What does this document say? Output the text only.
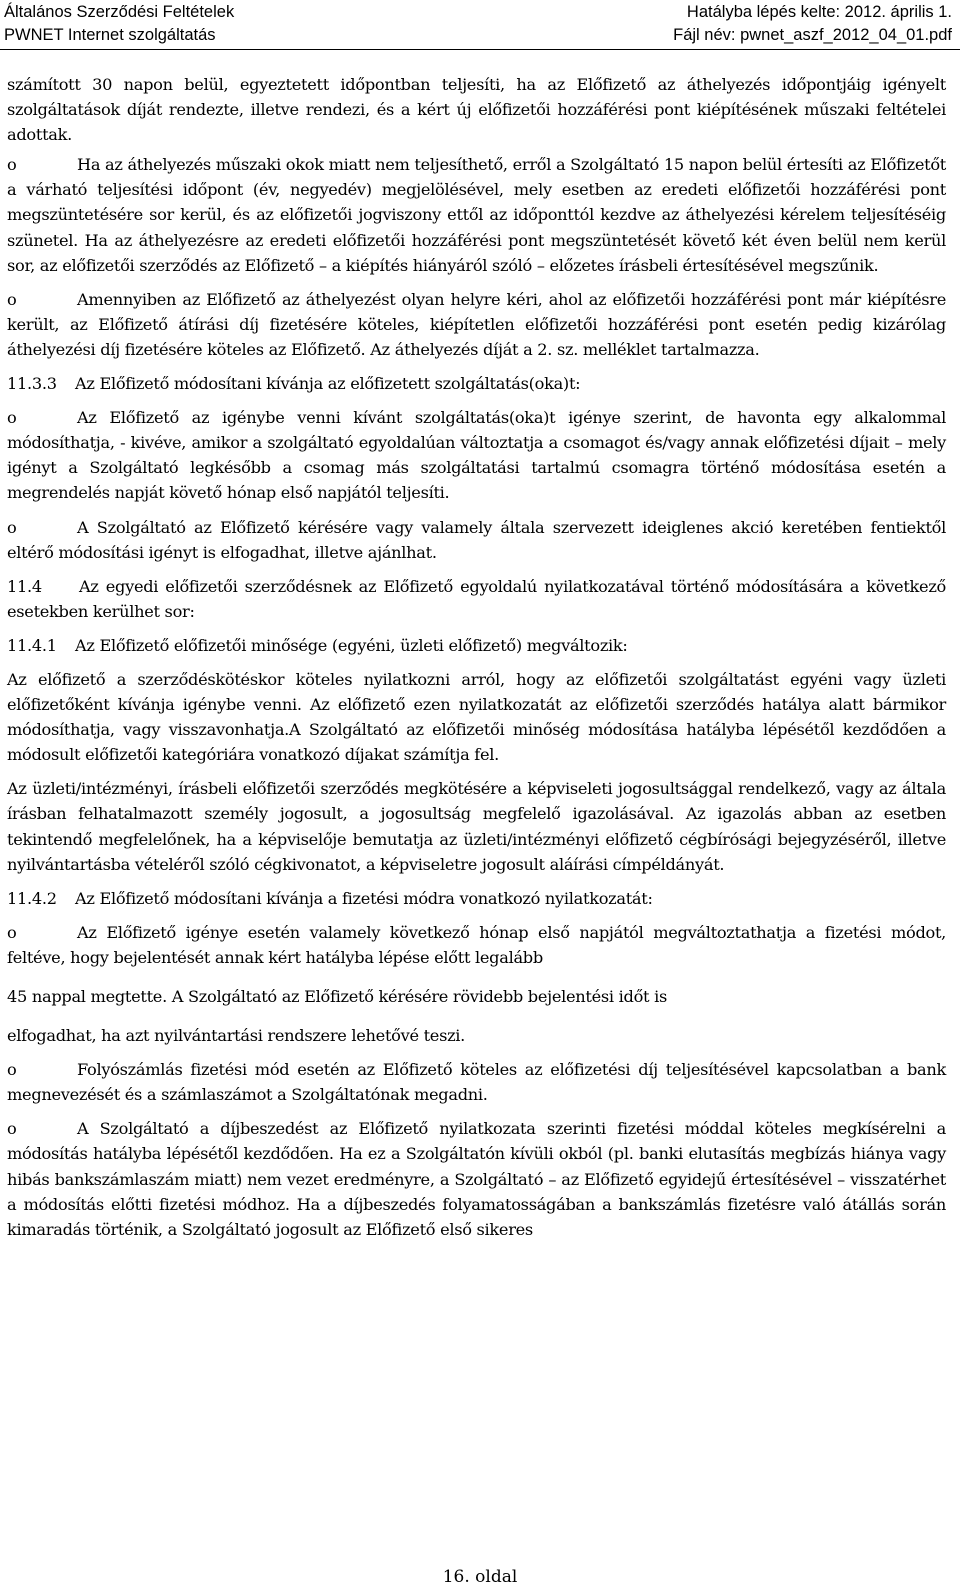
Általános Szerződési Feltételek
PWNET Internet szolgáltatás
Hatályba lépés kelte: 2012. április 1.
Fájl név: pwnet_aszf_2012_04_01.pdf

számított 30 napon belül, egyeztetett időpontban teljesíti, ha az Előfizető az áthelyezés időpontjáig igényelt szolgáltatások díját rendezte, illetve rendezi, és a kért új előfizetői hozzáférési pont kiépítésének műszaki feltételei adottak.

o	Ha az áthelyezés műszaki okok miatt nem teljesíthető, erről a Szolgáltató 15 napon belül értesíti az Előfizetőt a várható teljesítési időpont (év, negyedév) megjelölésével, mely esetben az eredeti előfizetői hozzáférési pont megszüntetésére sor kerül, és az előfizetői jogviszony ettől az időponttól kezdve az áthelyezési kérelem teljesítéséig szünetel. Ha az áthelyezésre az eredeti előfizetői hozzáférési pont megszüntetését követő két éven belül nem kerül sor, az előfizetői szerződés az Előfizető – a kiépítés hiányáról szóló – előzetes írásbeli értesítésével megszűnik.

o	Amennyiben az Előfizető az áthelyezést olyan helyre kéri, ahol az előfizetői hozzáférési pont már kiépítésre került, az Előfizető átírási díj fizetésére köteles, kiépítetlen előfizetői hozzáférési pont esetén pedig kizárólag áthelyezési díj fizetésére köteles az Előfizető. Az áthelyezés díját a 2. sz. melléklet tartalmazza.

11.3.3 Az Előfizető módosítani kívánja az előfizetett szolgáltatás(oka)t:

o	Az Előfizető az igénybe venni kívánt szolgáltatás(oka)t igénye szerint, de havonta egy alkalommal módosíthatja, - kivéve, amikor a szolgáltató egyoldalúan változtatja a csomagot és/vagy annak előfizetési díjait – mely igényt a Szolgáltató legkésőbb a csomag más szolgáltatási tartalmú csomagra történő módosítása esetén a megrendelés napját követő hónap első napjától teljesíti.

o	A Szolgáltató az Előfizető kérésére vagy valamely általa szervezett ideiglenes akció keretében fentiektől eltérő módosítási igényt is elfogadhat, illetve ajánlhat.

11.4 Az egyedi előfizetői szerződésnek az Előfizető egyoldalú nyilatkozatával történő módosítására a következő esetekben kerülhet sor:

11.4.1 Az Előfizető előfizetői minősége (egyéni, üzleti előfizető) megváltozik:

Az előfizető a szerződéskötéskor köteles nyilatkozni arról, hogy az előfizetői szolgáltatást egyéni vagy üzleti előfizetőként kívánja igénybe venni. Az előfizető ezen nyilatkozatát az előfizetői szerződés hatálya alatt bármikor módosíthatja, vagy visszavonhatja.A Szolgáltató az előfizetői minőség módosítása hatályba lépésétől kezdődően a módosult előfizetői kategóriára vonatkozó díjakat számítja fel.

Az üzleti/intézményi, írásbeli előfizetői szerződés megkötésére a képviseleti jogosultsággal rendelkező, vagy az általa írásban felhatalmazott személy jogosult, a jogosultság megfelelő igazolásával. Az igazolás abban az esetben tekintendő megfelelőnek, ha a képviselője bemutatja az üzleti/intézményi előfizető cégbírósági bejegyzéséről, illetve nyilvántartásba vételéről szóló cégkivonatot, a képviseletre jogosult aláírási címpéldányát.

11.4.2 Az Előfizető módosítani kívánja a fizetési módra vonatkozó nyilatkozatát:

o	Az Előfizető igénye esetén valamely következő hónap első napjától megváltoztathatja a fizetési módot, feltéve, hogy bejelentését annak kért hatályba lépése előtt legalább

45 nappal megtette. A Szolgáltató az Előfizető kérésére rövidebb bejelentési időt is

elfogadhat, ha azt nyilvántartási rendszere lehetővé teszi.

o	Folyószámlás fizetési mód esetén az Előfizető köteles az előfizetési díj teljesítésével kapcsolatban a bank megnevezését és a számlaszámot a Szolgáltatónak megadni.

o	A Szolgáltató a díjbeszedést az Előfizető nyilatkozata szerinti fizetési móddal köteles megkísérelni a módosítás hatályba lépésétől kezdődően. Ha ez a Szolgáltatón kívüli okból (pl. banki elutasítás megbízás hiánya vagy hibás bankszámlaszám miatt) nem vezet eredményre, a Szolgáltató – az Előfizető egyidejű értesítésével – visszatérhet a módosítás előtti fizetési módhoz. Ha a díjbeszedés folyamatosságában a bankszámlás fizetésre való átállás során kimaradás történik, a Szolgáltató jogosult az Előfizető első sikeres

16. oldal
